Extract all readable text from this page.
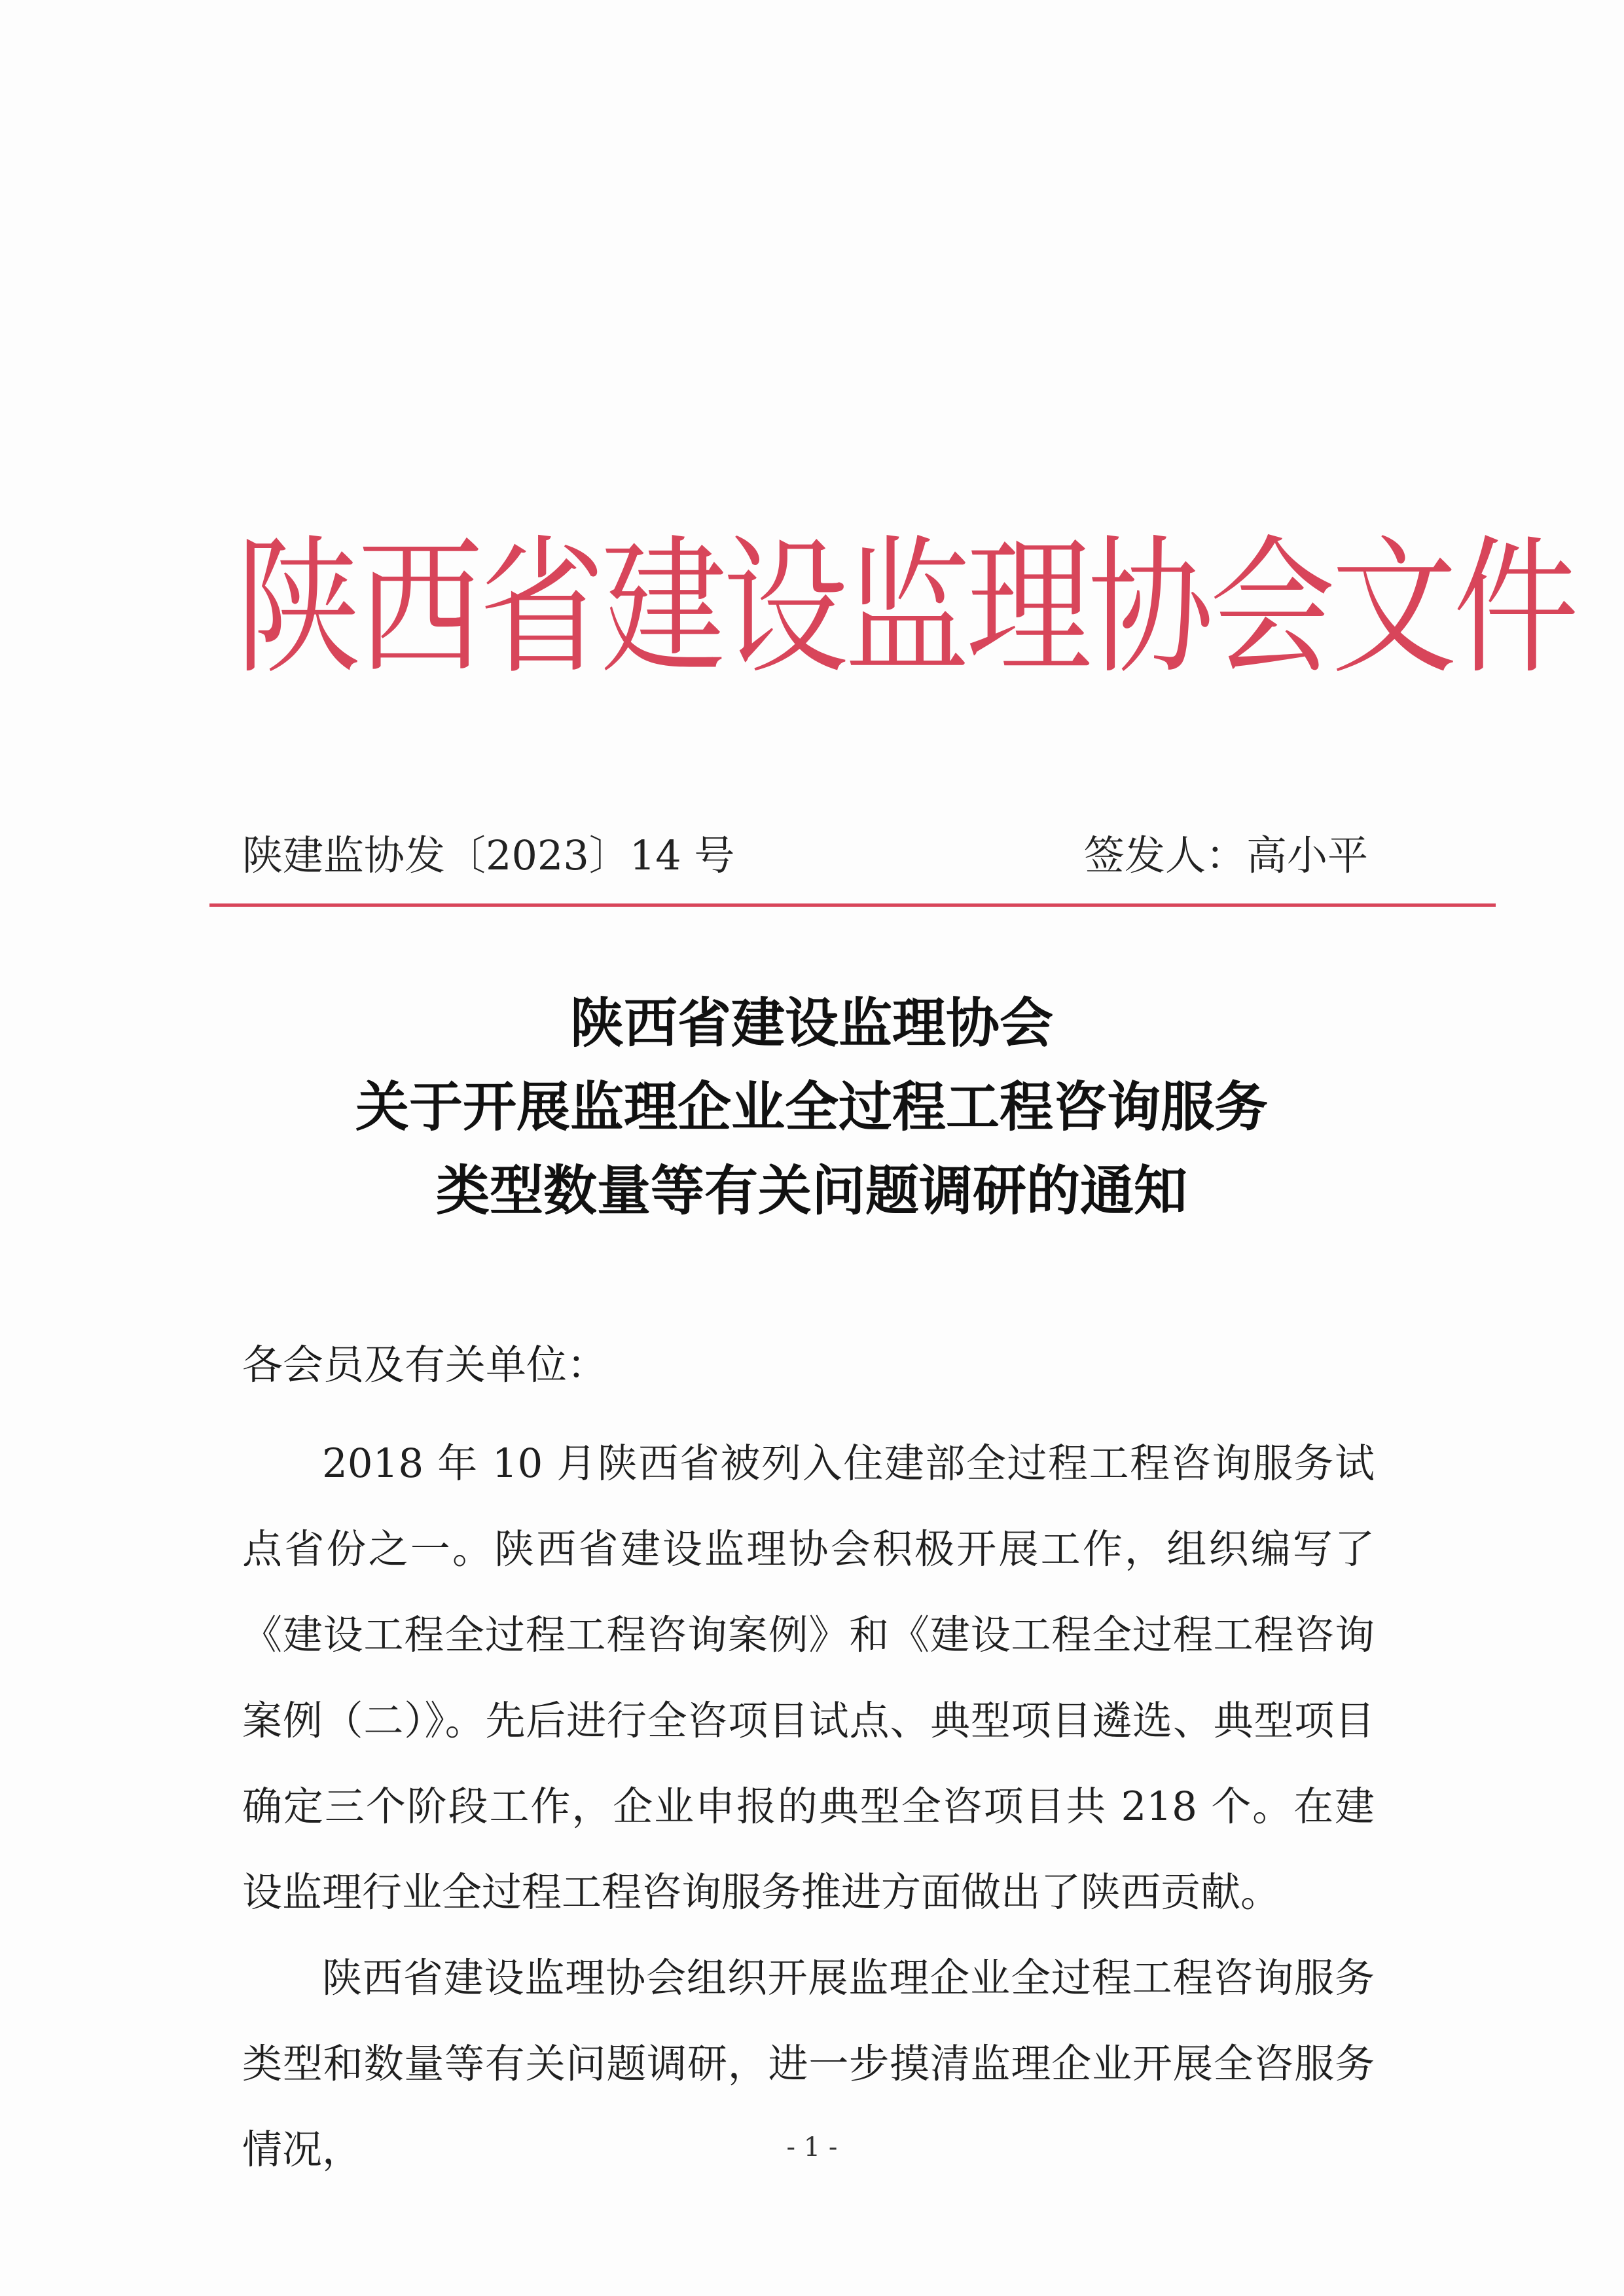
陕西省建设监理协会文件
陕建监协发〔2023〕14 号	签发人：高小平
陕西省建设监理协会
关于开展监理企业全过程工程咨询服务
类型数量等有关问题调研的通知
各会员及有关单位：

2018 年 10 月陕西省被列入住建部全过程工程咨询服务试点省份之一。陕西省建设监理协会积极开展工作，组织编写了《建设工程全过程工程咨询案例》和《建设工程全过程工程咨询案例（二）》。先后进行全咨项目试点、典型项目遴选、典型项目确定三个阶段工作，企业申报的典型全咨项目共 218 个。在建设监理行业全过程工程咨询服务推进方面做出了陕西贡献。

陕西省建设监理协会组织开展监理企业全过程工程咨询服务类型和数量等有关问题调研，进一步摸清监理企业开展全咨服务情况，	- 1 -
